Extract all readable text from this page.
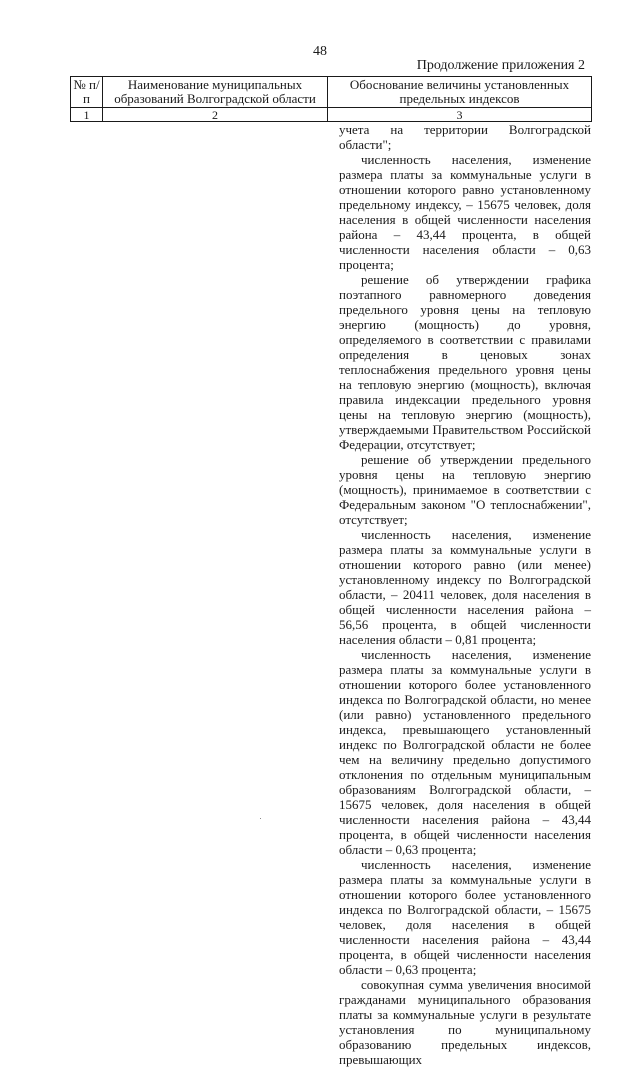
48
Продолжение приложения 2
№ п/п	Наименование муниципальных образований Волгоградской области	Обоснование величины установленных предельных индексов
1	2	3

учета на территории Волгоградской области";

численность населения, изменение размера платы за коммунальные услуги в отношении которого равно установленному предельному индексу, – 15675 человек, доля населения в общей численности населения района – 43,44 процента, в общей численности населения области – 0,63 процента;

решение об утверждении графика поэтапного равномерного доведения предельного уровня цены на тепловую энергию (мощность) до уровня, определяемого в соответствии с правилами определения в ценовых зонах теплоснабжения предельного уровня цены на тепловую энергию (мощность), включая правила индексации предельного уровня цены на тепловую энергию (мощность), утверждаемыми Правительством Российской Федерации, отсутствует;

решение об утверждении предельного уровня цены на тепловую энергию (мощность), принимаемое в соответствии с Федеральным законом "О теплоснабжении", отсутствует;

численность населения, изменение размера платы за коммунальные услуги в отношении которого равно (или менее) установленному индексу по Волгоградской области, – 20411 человек, доля населения в общей численности населения района – 56,56 процента, в общей численности населения области – 0,81 процента;

численность населения, изменение размера платы за коммунальные услуги в отношении которого более установленного индекса по Волгоградской области, но менее (или равно) установленного предельного индекса, превышающего установленный индекс по Волгоградской области не более чем на величину предельно допустимого отклонения по отдельным муниципальным образованиям Волгоградской области, – 15675 человек, доля населения в общей численности населения района – 43,44 процента, в общей численности населения области – 0,63 процента;

численность населения, изменение размера платы за коммунальные услуги в отношении которого более установленного индекса по Волгоградской области, – 15675 человек, доля населения в общей численности населения района – 43,44 процента, в общей численности населения области – 0,63 процента;

совокупная сумма увеличения вносимой гражданами муниципального образования платы за коммунальные услуги в результате установления по муниципальному образованию предельных индексов, превышающих
